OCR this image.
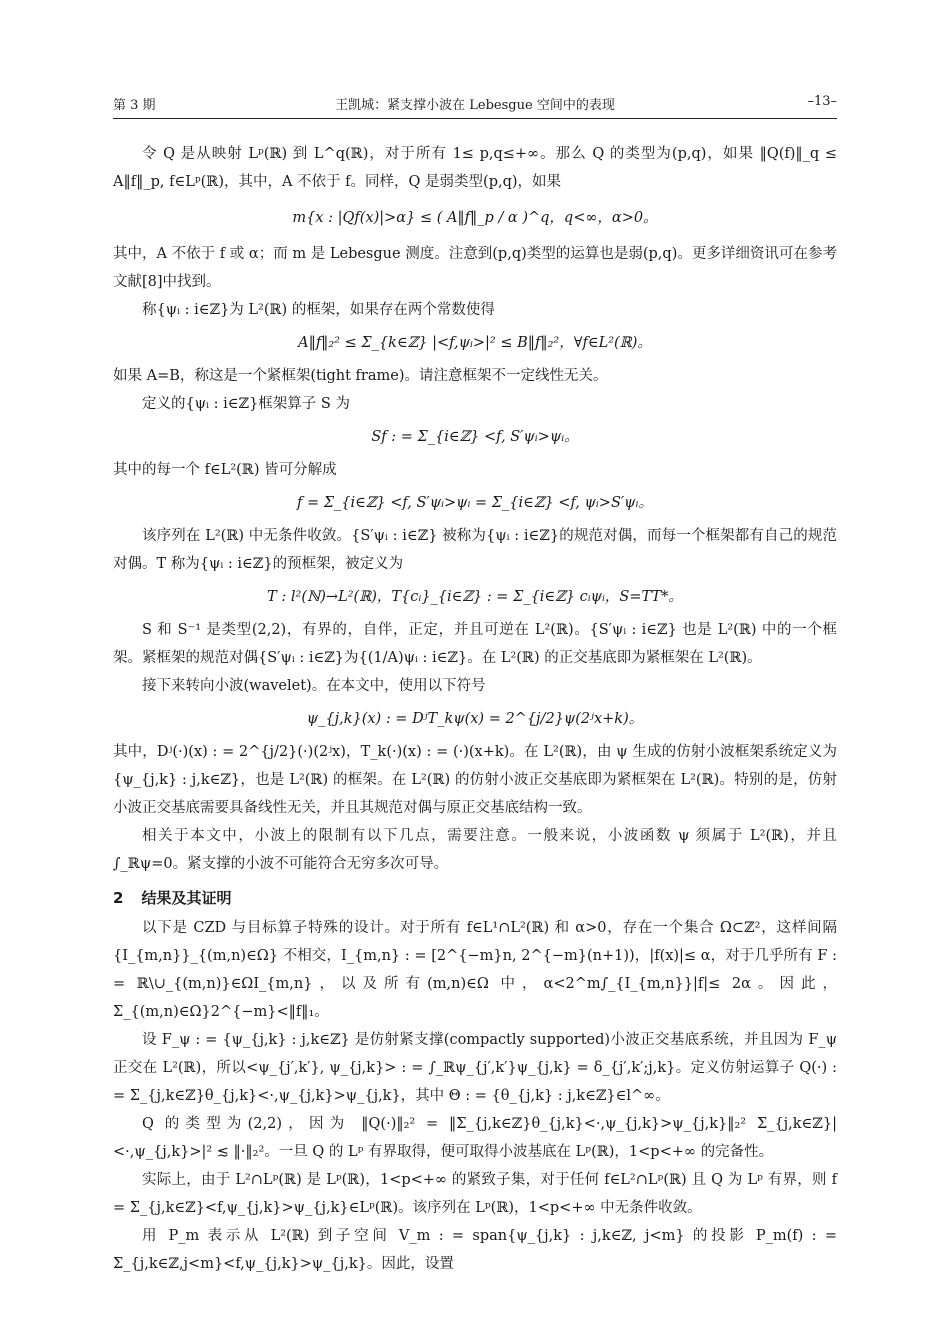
第 3 期	王凯城：紧支撑小波在 Lebesgue 空间中的表现	–13–

令 Q 是从映射 Lᵖ(ℝ) 到 L^q(ℝ)，对于所有 1≤ p,q≤+∞。那么 Q 的类型为(p,q)，如果 ‖Q(f)‖_q ≤ A‖f‖_p, f∈Lᵖ(ℝ)，其中，A 不依于 f。同样，Q 是弱类型(p,q)，如果

m{x : |Qf(x)|>α} ≤ ( A‖f‖_p / α )^q，q<∞，α>0。

其中，A 不依于 f 或 α；而 m 是 Lebesgue 测度。注意到(p,q)类型的运算也是弱(p,q)。更多详细资讯可在参考文献[8]中找到。

称{ψᵢ : i∈ℤ}为 L²(ℝ) 的框架，如果存在两个常数使得

A‖f‖₂² ≤ Σ_{k∈ℤ} |<f,ψᵢ>|² ≤ B‖f‖₂²，∀f∈L²(ℝ)。

如果 A=B，称这是一个紧框架(tight frame)。请注意框架不一定线性无关。

定义的{ψᵢ : i∈ℤ}框架算子 S 为

Sf : = Σ_{i∈ℤ} <f, S′ψᵢ>ψᵢ。

其中的每一个 f∈L²(ℝ) 皆可分解成

f = Σ_{i∈ℤ} <f, S′ψᵢ>ψᵢ = Σ_{i∈ℤ} <f, ψᵢ>S′ψᵢ。

该序列在 L²(ℝ) 中无条件收敛。{S′ψᵢ : i∈ℤ} 被称为{ψᵢ : i∈ℤ}的规范对偶，而每一个框架都有自己的规范对偶。T 称为{ψᵢ : i∈ℤ}的预框架，被定义为

T : l²(ℕ)→L²(ℝ)，T{cᵢ}_{i∈ℤ} : = Σ_{i∈ℤ} cᵢψᵢ，S=TT*。

S 和 S⁻¹ 是类型(2,2)，有界的，自伴，正定，并且可逆在 L²(ℝ)。{S′ψᵢ : i∈ℤ} 也是 L²(ℝ) 中的一个框架。紧框架的规范对偶{S′ψᵢ : i∈ℤ}为{(1/A)ψᵢ : i∈ℤ}。在 L²(ℝ) 的正交基底即为紧框架在 L²(ℝ)。

接下来转向小波(wavelet)。在本文中，使用以下符号

ψ_{j,k}(x) : = DʲT_kψ(x) = 2^{j/2}ψ(2ʲx+k)。

其中，Dʲ(·)(x) : = 2^{j/2}(·)(2ʲx)，T_k(·)(x) : = (·)(x+k)。在 L²(ℝ)，由 ψ 生成的仿射小波框架系统定义为{ψ_{j,k} : j,k∈ℤ}，也是 L²(ℝ) 的框架。在 L²(ℝ) 的仿射小波正交基底即为紧框架在 L²(ℝ)。特别的是，仿射小波正交基底需要具备线性无关，并且其规范对偶与原正交基底结构一致。

相关于本文中，小波上的限制有以下几点，需要注意。一般来说，小波函数 ψ 须属于 L²(ℝ)，并且 ∫_ℝψ=0。紧支撑的小波不可能符合无穷多次可导。

2 结果及其证明

以下是 CZD 与目标算子特殊的设计。对于所有 f∈L¹∩L²(ℝ) 和 α>0，存在一个集合 Ω⊂ℤ²，这样间隔{I_{m,n}}_{(m,n)∈Ω} 不相交，I_{m,n} : = [2^{−m}n, 2^{−m}(n+1))，|f(x)|≤ α，对于几乎所有 F : = ℝ\∪_{(m,n)}∈ΩI_{m,n}，以及所有(m,n)∈Ω 中，α<2^m∫_{I_{m,n}}|f|≤ 2α。因此，Σ_{(m,n)∈Ω}2^{−m}<‖f‖₁。

设 F_ψ : = {ψ_{j,k} : j,k∈ℤ} 是仿射紧支撑(compactly supported)小波正交基底系统，并且因为 F_ψ 正交在 L²(ℝ)，所以<ψ_{j′,k′}, ψ_{j,k}> : = ∫_ℝψ_{j′,k′}ψ_{j,k} = δ_{j′,k′;j,k}。定义仿射运算子 Q(·) : = Σ_{j,k∈ℤ}θ_{j,k}<·,ψ_{j,k}>ψ_{j,k}，其中 Θ : = {θ_{j,k} : j,k∈ℤ}∈l^∞。

Q 的类型为(2,2)，因为 ‖Q(·)‖₂² = ‖Σ_{j,k∈ℤ}θ_{j,k}<·,ψ_{j,k}>ψ_{j,k}‖₂² Σ_{j,k∈ℤ}|<·,ψ_{j,k}>|² ≲ ‖·‖₂²。一旦 Q 的 Lᵖ 有界取得，便可取得小波基底在 Lᵖ(ℝ)，1<p<+∞ 的完备性。

实际上，由于 L²∩Lᵖ(ℝ) 是 Lᵖ(ℝ)，1<p<+∞ 的紧致子集，对于任何 f∈L²∩Lᵖ(ℝ) 且 Q 为 Lᵖ 有界，则 f = Σ_{j,k∈ℤ}<f,ψ_{j,k}>ψ_{j,k}∈Lᵖ(ℝ)。该序列在 Lᵖ(ℝ)，1<p<+∞ 中无条件收敛。

用 P_m 表示从 L²(ℝ) 到子空间 V_m : = span{ψ_{j,k} : j,k∈ℤ, j<m} 的投影 P_m(f) : = Σ_{j,k∈ℤ,j<m}<f,ψ_{j,k}>ψ_{j,k}。因此，设置
